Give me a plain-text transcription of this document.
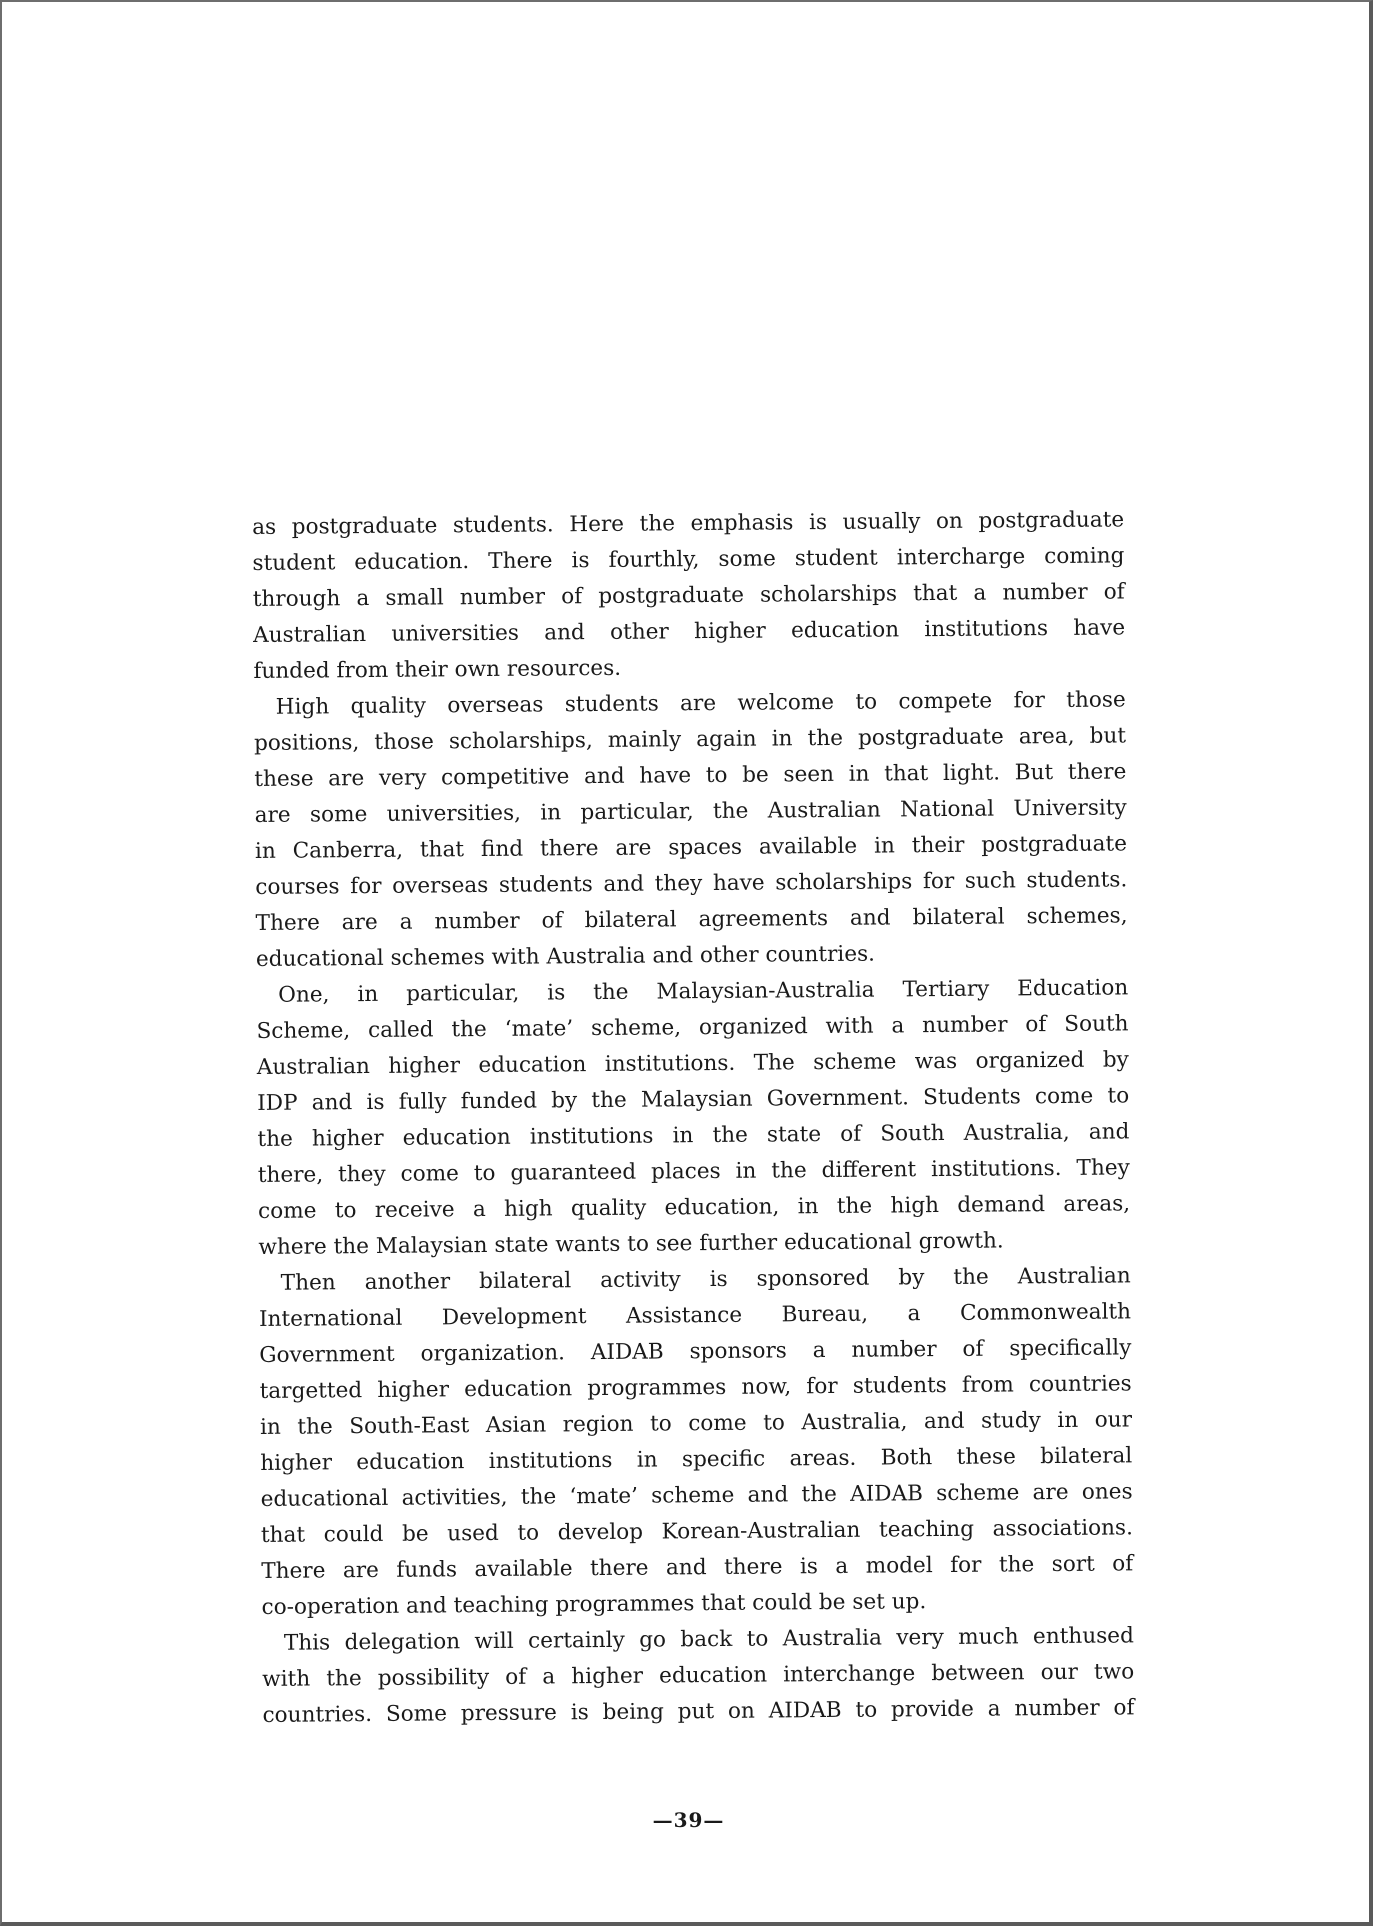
as postgraduate students. Here the emphasis is usually on postgraduate
student education. There is fourthly, some student intercharge coming
through a small number of postgraduate scholarships that a number of
Australian universities and other higher education institutions have
funded from their own resources.
High quality overseas students are welcome to compete for those
positions, those scholarships, mainly again in the postgraduate area, but
these are very competitive and have to be seen in that light. But there
are some universities, in particular, the Australian National University
in Canberra, that find there are spaces available in their postgraduate
courses for overseas students and they have scholarships for such students.
There are a number of bilateral agreements and bilateral schemes,
educational schemes with Australia and other countries.
One, in particular, is the Malaysian-Australia Tertiary Education
Scheme, called the ‘mate’ scheme, organized with a number of South
Australian higher education institutions. The scheme was organized by
IDP and is fully funded by the Malaysian Government. Students come to
the higher education institutions in the state of South Australia, and
there, they come to guaranteed places in the different institutions. They
come to receive a high quality education, in the high demand areas,
where the Malaysian state wants to see further educational growth.
Then another bilateral activity is sponsored by the Australian
International Development Assistance Bureau, a Commonwealth
Government organization. AIDAB sponsors a number of specifically
targetted higher education programmes now, for students from countries
in the South-East Asian region to come to Australia, and study in our
higher education institutions in specific areas. Both these bilateral
educational activities, the ‘mate’ scheme and the AIDAB scheme are ones
that could be used to develop Korean-Australian teaching associations.
There are funds available there and there is a model for the sort of
co-operation and teaching programmes that could be set up.
This delegation will certainly go back to Australia very much enthused
with the possibility of a higher education interchange between our two
countries. Some pressure is being put on AIDAB to provide a number of
—39—
